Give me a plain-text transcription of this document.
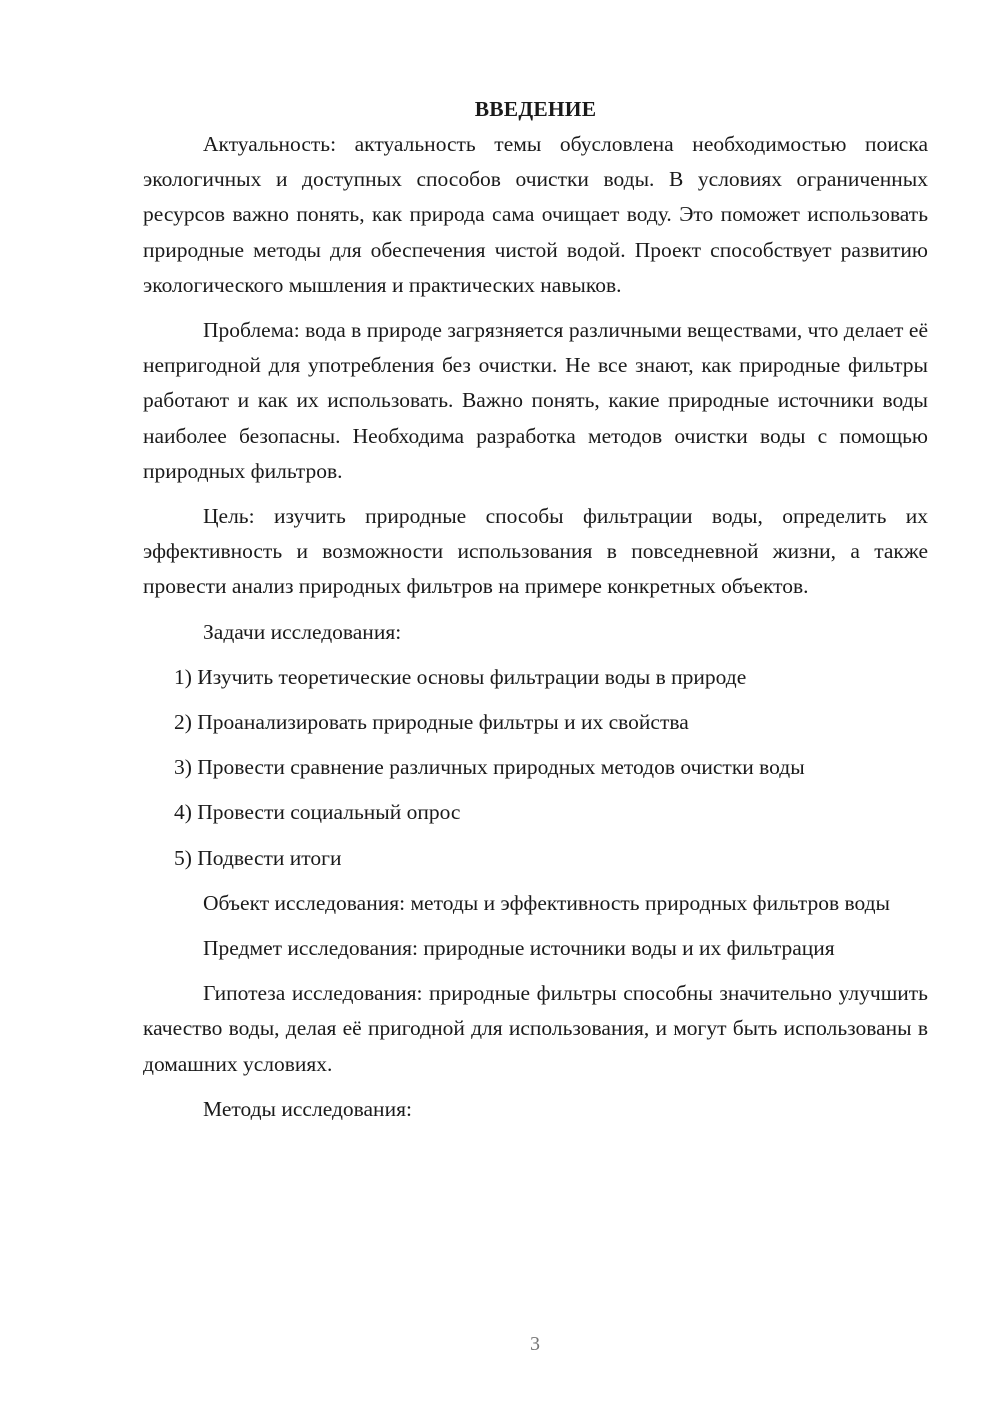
ВВЕДЕНИЕ

Актуальность: актуальность темы обусловлена необходимостью поиска экологичных и доступных способов очистки воды. В условиях ограниченных ресурсов важно понять, как природа сама очищает воду. Это поможет использовать природные методы для обеспечения чистой водой. Проект способствует развитию экологического мышления и практических навыков.

Проблема: вода в природе загрязняется различными веществами, что делает её непригодной для употребления без очистки. Не все знают, как природные фильтры работают и как их использовать. Важно понять, какие природные источники воды наиболее безопасны. Необходима разработка методов очистки воды с помощью природных фильтров.

Цель: изучить природные способы фильтрации воды, определить их эффективность и возможности использования в повседневной жизни, а также провести анализ природных фильтров на примере конкретных объектов.

Задачи исследования:

1) Изучить теоретические основы фильтрации воды в природе
2) Проанализировать природные фильтры и их свойства
3) Провести сравнение различных природных методов очистки воды
4) Провести социальный опрос
5) Подвести итоги

Объект исследования: методы и эффективность природных фильтров воды

Предмет исследования: природные источники воды и их фильтрация

Гипотеза исследования: природные фильтры способны значительно улучшить качество воды, делая её пригодной для использования, и могут быть использованы в домашних условиях.

Методы исследования:

3
